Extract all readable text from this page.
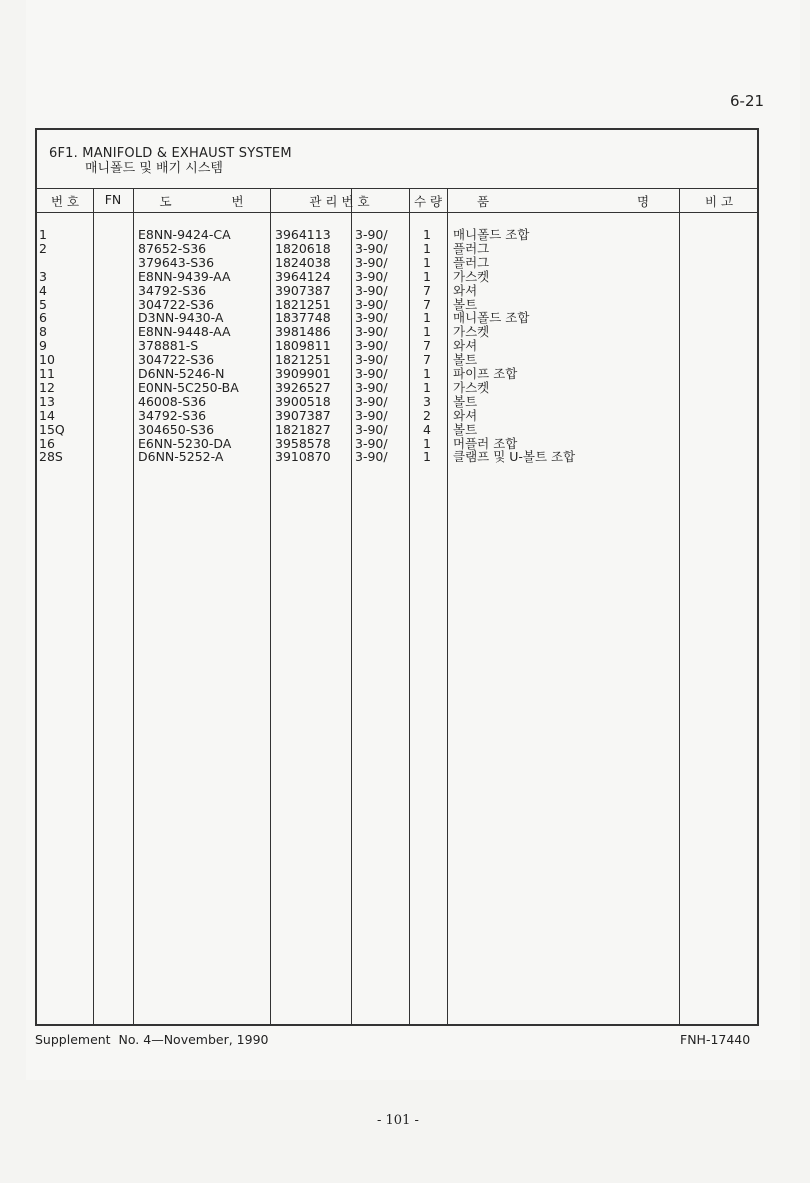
6-21
6F1. MANIFOLD & EXHAUST SYSTEM
매니폴드 및 배기 시스템
번 호	FN	도  번	관 리 번 호	수 량	품  명	비 고
1	E8NN-9424-CA	3964113 3-90/	1 매니폴드 조합
2	87652-S36	1820618 3-90/	1 플러그
379643-S36	1824038 3-90/	1 플러그
3	E8NN-9439-AA	3964124 3-90/	1 가스켓
4	34792-S36	3907387 3-90/	7 와셔
5	304722-S36	1821251 3-90/	7 볼트
6	D3NN-9430-A	1837748 3-90/	1 매니폴드 조합
8	E8NN-9448-AA	3981486 3-90/	1 가스켓
9	378881-S	1809811 3-90/	7 와셔
10	304722-S36	1821251 3-90/	7 볼트
11	D6NN-5246-N	3909901 3-90/	1 파이프 조합
12	E0NN-5C250-BA	3926527 3-90/	1 가스켓
13	46008-S36	3900518 3-90/	3 볼트
14	34792-S36	3907387 3-90/	2 와셔
15Q	304650-S36	1821827 3-90/	4 볼트
16	E6NN-5230-DA	3958578 3-90/	1 머플러 조합
28S	D6NN-5252-A	3910870 3-90/	1 클램프 및 U-볼트 조합
Supplement  No. 4—November, 1990	FNH-17440
- 101 -
